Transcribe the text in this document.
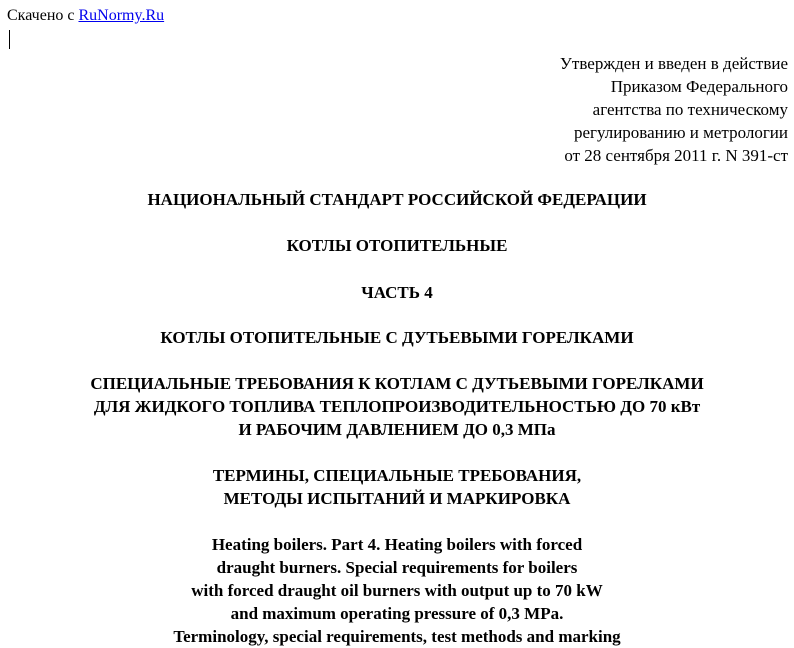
Скачено с RuNormy.Ru
Утвержден и введен в действие
Приказом Федерального
агентства по техническому
регулированию и метрологии
от 28 сентября 2011 г. N 391-ст
НАЦИОНАЛЬНЫЙ СТАНДАРТ РОССИЙСКОЙ ФЕДЕРАЦИИ
КОТЛЫ ОТОПИТЕЛЬНЫЕ
ЧАСТЬ 4
КОТЛЫ ОТОПИТЕЛЬНЫЕ С ДУТЬЕВЫМИ ГОРЕЛКАМИ
СПЕЦИАЛЬНЫЕ ТРЕБОВАНИЯ К КОТЛАМ С ДУТЬЕВЫМИ ГОРЕЛКАМИ
ДЛЯ ЖИДКОГО ТОПЛИВА ТЕПЛОПРОИЗВОДИТЕЛЬНОСТЬЮ ДО 70 кВт
И РАБОЧИМ ДАВЛЕНИЕМ ДО 0,3 МПа
ТЕРМИНЫ, СПЕЦИАЛЬНЫЕ ТРЕБОВАНИЯ,
МЕТОДЫ ИСПЫТАНИЙ И МАРКИРОВКА
Heating boilers. Part 4. Heating boilers with forced
draught burners. Special requirements for boilers
with forced draught oil burners with output up to 70 kW
and maximum operating pressure of 0,3 MPa.
Terminology, special requirements, test methods and marking
